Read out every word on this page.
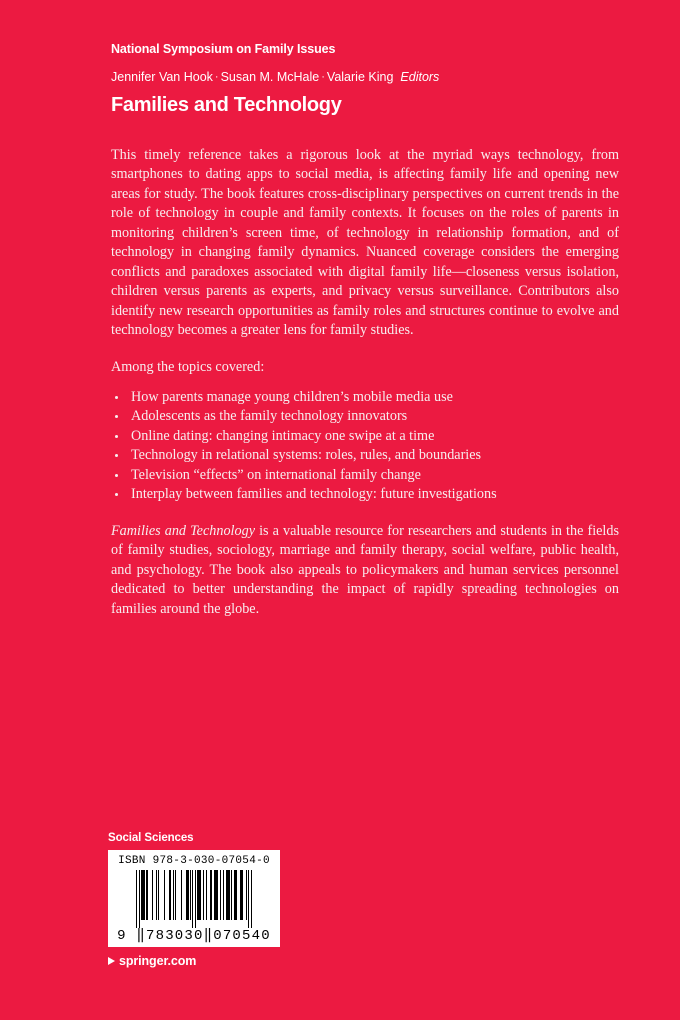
National Symposium on Family Issues
Jennifer Van Hook · Susan M. McHale · Valarie King Editors
Families and Technology

This timely reference takes a rigorous look at the myriad ways technology, from smartphones to dating apps to social media, is affecting family life and opening new areas for study. The book features cross-disciplinary perspectives on current trends in the role of technology in couple and family contexts. It focuses on the roles of parents in monitoring children’s screen time, of technology in relationship formation, and of technology in changing family dynamics. Nuanced coverage considers the emerging conflicts and paradoxes associated with digital family life—closeness versus isolation, children versus parents as experts, and privacy versus surveillance. Contributors also identify new research opportunities as family roles and structures continue to evolve and technology becomes a greater lens for family studies.

Among the topics covered:

How parents manage young children’s mobile media use
Adolescents as the family technology innovators
Online dating: changing intimacy one swipe at a time
Technology in relational systems: roles, rules, and boundaries
Television “effects” on international family change
Interplay between families and technology: future investigations

Families and Technology is a valuable resource for researchers and students in the fields of family studies, sociology, marriage and family therapy, social welfare, public health, and psychology. The book also appeals to policymakers and human services personnel dedicated to better understanding the impact of rapidly spreading technologies on families around the globe.

Social Sciences
ISBN 978-3-030-07054-0
9 ‖783030‖070540
springer.com
